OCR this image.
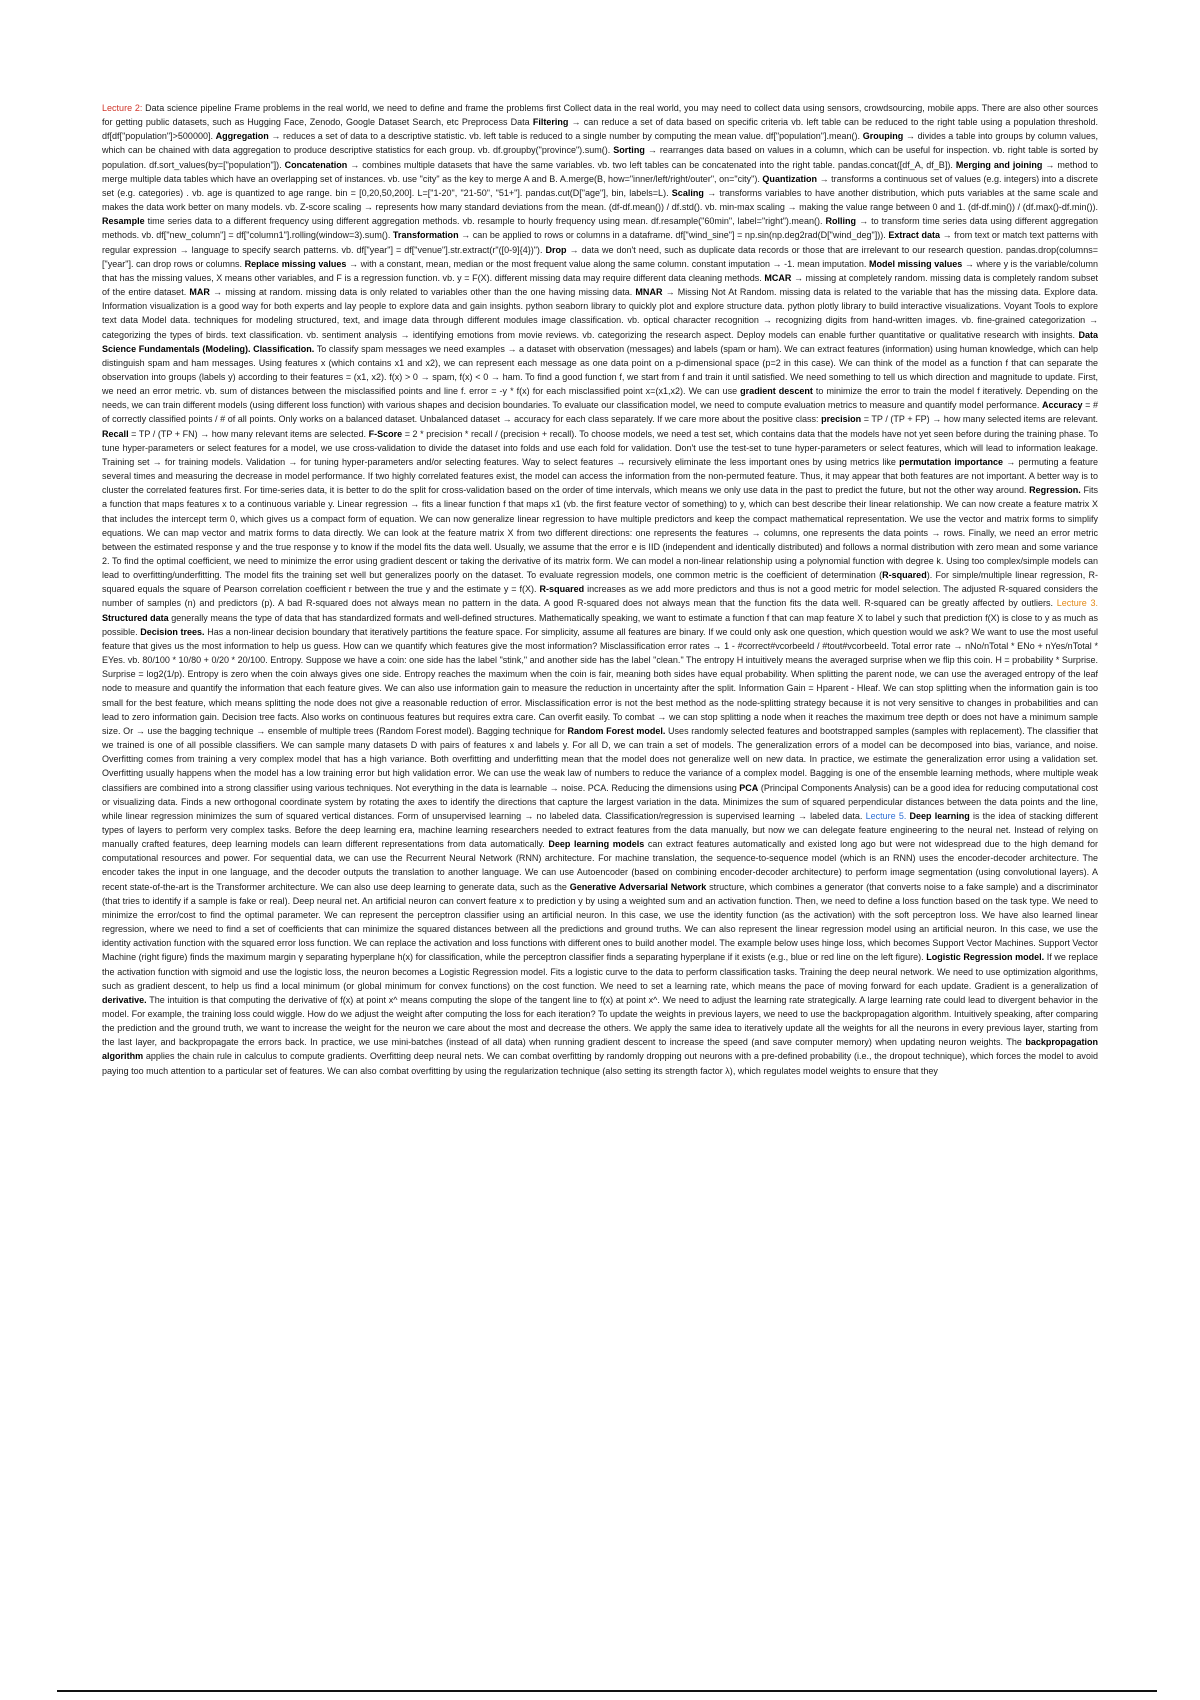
Lecture 2: Data science pipeline Frame problems in the real world, we need to define and frame the problems first Collect data in the real world, you may need to collect data using sensors, crowdsourcing, mobile apps. There are also other sources for getting public datasets, such as Hugging Face, Zenodo, Google Dataset Search, etc Preprocess Data Filtering → can reduce a set of data based on specific criteria vb. left table can be reduced to the right table using a population threshold. df[df["population"]>500000]. Aggregation → reduces a set of data to a descriptive statistic. vb. left table is reduced to a single number by computing the mean value. df["population"].mean(). Grouping → divides a table into groups by column values, which can be chained with data aggregation to produce descriptive statistics for each group. vb. df.groupby("province").sum(). Sorting → rearranges data based on values in a column, which can be useful for inspection. vb. right table is sorted by population. df.sort_values(by=["population"]). Concatenation → combines multiple datasets that have the same variables. vb. two left tables can be concatenated into the right table. pandas.concat([df_A, df_B]). Merging and joining → method to merge multiple data tables which have an overlapping set of instances. vb. use "city" as the key to merge A and B. A.merge(B, how="inner/left/right/outer", on="city"). Quantization → transforms a continuous set of values (e.g. integers) into a discrete set (e.g. categories) . vb. age is quantized to age range. bin = [0,20,50,200]. L=["1-20", "21-50", "51+"]. pandas.cut(D["age"], bin, labels=L). Scaling → transforms variables to have another distribution, which puts variables at the same scale and makes the data work better on many models. vb. Z-score scaling → represents how many standard deviations from the mean. (df-df.mean()) / df.std(). vb. min-max scaling → making the value range between 0 and 1. (df-df.min()) / (df.max()-df.min()). Resample time series data to a different frequency using different aggregation methods. vb. resample to hourly frequency using mean. df.resample("60min", label="right").mean(). Rolling → to transform time series data using different aggregation methods. vb. df["new_column"] = df["column1"].rolling(window=3).sum(). Transformation → can be applied to rows or columns in a dataframe. df["wind_sine"] = np.sin(np.deg2rad(D["wind_deg"])). Extract data → from text or match text patterns with regular expression → language to specify search patterns. vb. df["year"] = df["venue"].str.extract(r"([0-9]{4})"). Drop → data we don't need, such as duplicate data records or those that are irrelevant to our research question. pandas.drop(columns=["year"]. can drop rows or columns. Replace missing values → with a constant, mean, median or the most frequent value along the same column. constant imputation → -1. mean imputation. Model missing values → where y is the variable/column that has the missing values, X means other variables, and F is a regression function. vb. y = F(X). different missing data may require different data cleaning methods. MCAR → missing at completely random. missing data is completely random subset of the entire dataset. MAR → missing at random. missing data is only related to variables other than the one having missing data. MNAR → Missing Not At Random. missing data is related to the variable that has the missing data. Explore data. Information visualization is a good way for both experts and lay people to explore data and gain insights. python seaborn library to quickly plot and explore structure data. python plotly library to build interactive visualizations. Voyant Tools to explore text data Model data. techniques for modeling structured, text, and image data through different modules image classification. vb. optical character recognition → recognizing digits from hand-written images. vb. fine-grained categorization → categorizing the types of birds. text classification. vb. sentiment analysis → identifying emotions from movie reviews. vb. categorizing the research aspect. Deploy models can enable further quantitative or qualitative research with insights. Data Science Fundamentals (Modeling). Classification. To classify spam messages we need examples → a dataset with observation (messages) and labels (spam or ham). We can extract features (information) using human knowledge, which can help distinguish spam and ham messages. Using features x (which contains x1 and x2), we can represent each message as one data point on a p-dimensional space (p=2 in this case). We can think of the model as a function f that can separate the observation into groups (labels y) according to their features = (x1, x2). f(x) > 0 → spam, f(x) < 0 → ham. To find a good function f, we start from f and train it until satisfied. We need something to tell us which direction and magnitude to update. First, we need an error metric. vb. sum of distances between the misclassified points and line f. error = -y * f(x) for each misclassified point x=(x1,x2). We can use gradient descent to minimize the error to train the model f iteratively. Depending on the needs, we can train different models (using different loss function) with various shapes and decision boundaries. To evaluate our classification model, we need to compute evaluation metrics to measure and quantify model performance. Accuracy = # of correctly classified points / # of all points. Only works on a balanced dataset. Unbalanced dataset → accuracy for each class separately. If we care more about the positive class: precision = TP / (TP + FP) → how many selected items are relevant. Recall = TP / (TP + FN) → how many relevant items are selected. F-Score = 2 * precision * recall / (precision + recall). To choose models, we need a test set, which contains data that the models have not yet seen before during the training phase. To tune hyper-parameters or select features for a model, we use cross-validation to divide the dataset into folds and use each fold for validation. Don't use the test-set to tune hyper-parameters or select features, which will lead to information leakage. Training set → for training models. Validation → for tuning hyper-parameters and/or selecting features. Way to select features → recursively eliminate the less important ones by using metrics like permutation importance → permuting a feature several times and measuring the decrease in model performance. If two highly correlated features exist, the model can access the information from the non-permuted feature. Thus, it may appear that both features are not important. A better way is to cluster the correlated features first. For time-series data, it is better to do the split for cross-validation based on the order of time intervals, which means we only use data in the past to predict the future, but not the other way around. Regression. Fits a function that maps features x to a continuous variable y. Linear regression → fits a linear function f that maps x1 (vb. the first feature vector of something) to y, which can best describe their linear relationship. We can now create a feature matrix X that includes the intercept term 0, which gives us a compact form of equation. We can now generalize linear regression to have multiple predictors and keep the compact mathematical representation. We use the vector and matrix forms to simplify equations. We can map vector and matrix forms to data directly. We can look at the feature matrix X from two different directions: one represents the features → columns, one represents the data points → rows. Finally, we need an error metric between the estimated response y and the true response y to know if the model fits the data well. Usually, we assume that the error e is IID (independent and identically distributed) and follows a normal distribution with zero mean and some variance 2. To find the optimal coefficient, we need to minimize the error using gradient descent or taking the derivative of its matrix form. We can model a non-linear relationship using a polynomial function with degree k. Using too complex/simple models can lead to overfitting/underfitting. The model fits the training set well but generalizes poorly on the dataset. To evaluate regression models, one common metric is the coefficient of determination (R-squared). For simple/multiple linear regression, R-squared equals the square of Pearson correlation coefficient r between the true y and the estimate y = f(X). R-squared increases as we add more predictors and thus is not a good metric for model selection. The adjusted R-squared considers the number of samples (n) and predictors (p). A bad R-squared does not always mean no pattern in the data. A good R-squared does not always mean that the function fits the data well. R-squared can be greatly affected by outliers. Lecture 3. Structured data generally means the type of data that has standardized formats and well-defined structures. Mathematically speaking, we want to estimate a function f that can map feature X to label y such that prediction f(X) is close to y as much as possible. Decision trees. Has a non-linear decision boundary that iteratively partitions the feature space. For simplicity, assume all features are binary. If we could only ask one question, which question would we ask? We want to use the most useful feature that gives us the most information to help us guess. How can we quantify which features give the most information? Misclassification error rates → 1 - #correct#vcorbeeld / #tout#vcorbeeld. Total error rate → nNo/nTotal * ENo + nYes/nTotal * EYes. vb. 80/100 * 10/80 + 0/20 * 20/100. Entropy. Suppose we have a coin: one side has the label "stink," and another side has the label "clean." The entropy H intuitively means the averaged surprise when we flip this coin. H = probability * Surprise. Surprise = log2(1/p). Entropy is zero when the coin always gives one side. Entropy reaches the maximum when the coin is fair, meaning both sides have equal probability. When splitting the parent node, we can use the averaged entropy of the leaf node to measure and quantify the information that each feature gives. We can also use information gain to measure the reduction in uncertainty after the split. Information Gain = Hparent - Hleaf. We can stop splitting when the information gain is too small for the best feature, which means splitting the node does not give a reasonable reduction of error. Misclassification error is not the best method as the node-splitting strategy because it is not very sensitive to changes in probabilities and can lead to zero information gain. Decision tree facts. Also works on continuous features but requires extra care. Can overfit easily. To combat → we can stop splitting a node when it reaches the maximum tree depth or does not have a minimum sample size. Or → use the bagging technique → ensemble of multiple trees (Random Forest model). Bagging technique for Random Forest model. Uses randomly selected features and bootstrapped samples (samples with replacement). The classifier that we trained is one of all possible classifiers. We can sample many datasets D with pairs of features x and labels y. For all D, we can train a set of models. The generalization errors of a model can be decomposed into bias, variance, and noise. Overfitting comes from training a very complex model that has a high variance. Both overfitting and underfitting mean that the model does not generalize well on new data. In practice, we estimate the generalization error using a validation set. Overfitting usually happens when the model has a low training error but high validation error. We can use the weak law of numbers to reduce the variance of a complex model. Bagging is one of the ensemble learning methods, where multiple weak classifiers are combined into a strong classifier using various techniques. Not everything in the data is learnable → noise. PCA. Reducing the dimensions using PCA (Principal Components Analysis) can be a good idea for reducing computational cost or visualizing data. Finds a new orthogonal coordinate system by rotating the axes to identify the directions that capture the largest variation in the data. Minimizes the sum of squared perpendicular distances between the data points and the line, while linear regression minimizes the sum of squared vertical distances. Form of unsupervised learning → no labeled data. Classification/regression is supervised learning → labeled data. Lecture 5. Deep learning is the idea of stacking different types of layers to perform very complex tasks. Before the deep learning era, machine learning researchers needed to extract features from the data manually, but now we can delegate feature engineering to the neural net. Instead of relying on manually crafted features, deep learning models can learn different representations from data automatically. Deep learning models can extract features automatically and existed long ago but were not widespread due to the high demand for computational resources and power. For sequential data, we can use the Recurrent Neural Network (RNN) architecture. For machine translation, the sequence-to-sequence model (which is an RNN) uses the encoder-decoder architecture. The encoder takes the input in one language, and the decoder outputs the translation to another language. We can use Autoencoder (based on combining encoder-decoder architecture) to perform image segmentation (using convolutional layers). A recent state-of-the-art is the Transformer architecture. We can also use deep learning to generate data, such as the Generative Adversarial Network structure, which combines a generator (that converts noise to a fake sample) and a discriminator (that tries to identify if a sample is fake or real). Deep neural net. An artificial neuron can convert feature x to prediction y by using a weighted sum and an activation function. Then, we need to define a loss function based on the task type. We need to minimize the error/cost to find the optimal parameter. We can represent the perceptron classifier using an artificial neuron. In this case, we use the identity function (as the activation) with the soft perceptron loss. We have also learned linear regression, where we need to find a set of coefficients that can minimize the squared distances between all the predictions and ground truths. We can also represent the linear regression model using an artificial neuron. In this case, we use the identity activation function with the squared error loss function. We can replace the activation and loss functions with different ones to build another model. The example below uses hinge loss, which becomes Support Vector Machines. Support Vector Machine (right figure) finds the maximum margin γ separating hyperplane h(x) for classification, while the perceptron classifier finds a separating hyperplane if it exists (e.g., blue or red line on the left figure). Logistic Regression model. If we replace the activation function with sigmoid and use the logistic loss, the neuron becomes a Logistic Regression model. Fits a logistic curve to the data to perform classification tasks. Training the deep neural network. We need to use optimization algorithms, such as gradient descent, to help us find a local minimum (or global minimum for convex functions) on the cost function. We need to set a learning rate, which means the pace of moving forward for each update. Gradient is a generalization of derivative. The intuition is that computing the derivative of f(x) at point x^ means computing the slope of the tangent line to f(x) at point x^. We need to adjust the learning rate strategically. A large learning rate could lead to divergent behavior in the model. For example, the training loss could wiggle. How do we adjust the weight after computing the loss for each iteration? To update the weights in previous layers, we need to use the backpropagation algorithm. Intuitively speaking, after comparing the prediction and the ground truth, we want to increase the weight for the neuron we care about the most and decrease the others. We apply the same idea to iteratively update all the weights for all the neurons in every previous layer, starting from the last layer, and backpropagate the errors back. In practice, we use mini-batches (instead of all data) when running gradient descent to increase the speed (and save computer memory) when updating neuron weights. The backpropagation algorithm applies the chain rule in calculus to compute gradients. Overfitting deep neural nets. We can combat overfitting by randomly dropping out neurons with a pre-defined probability (i.e., the dropout technique), which forces the model to avoid paying too much attention to a particular set of features. We can also combat overfitting by using the regularization technique (also setting its strength factor λ), which regulates model weights to ensure that they
